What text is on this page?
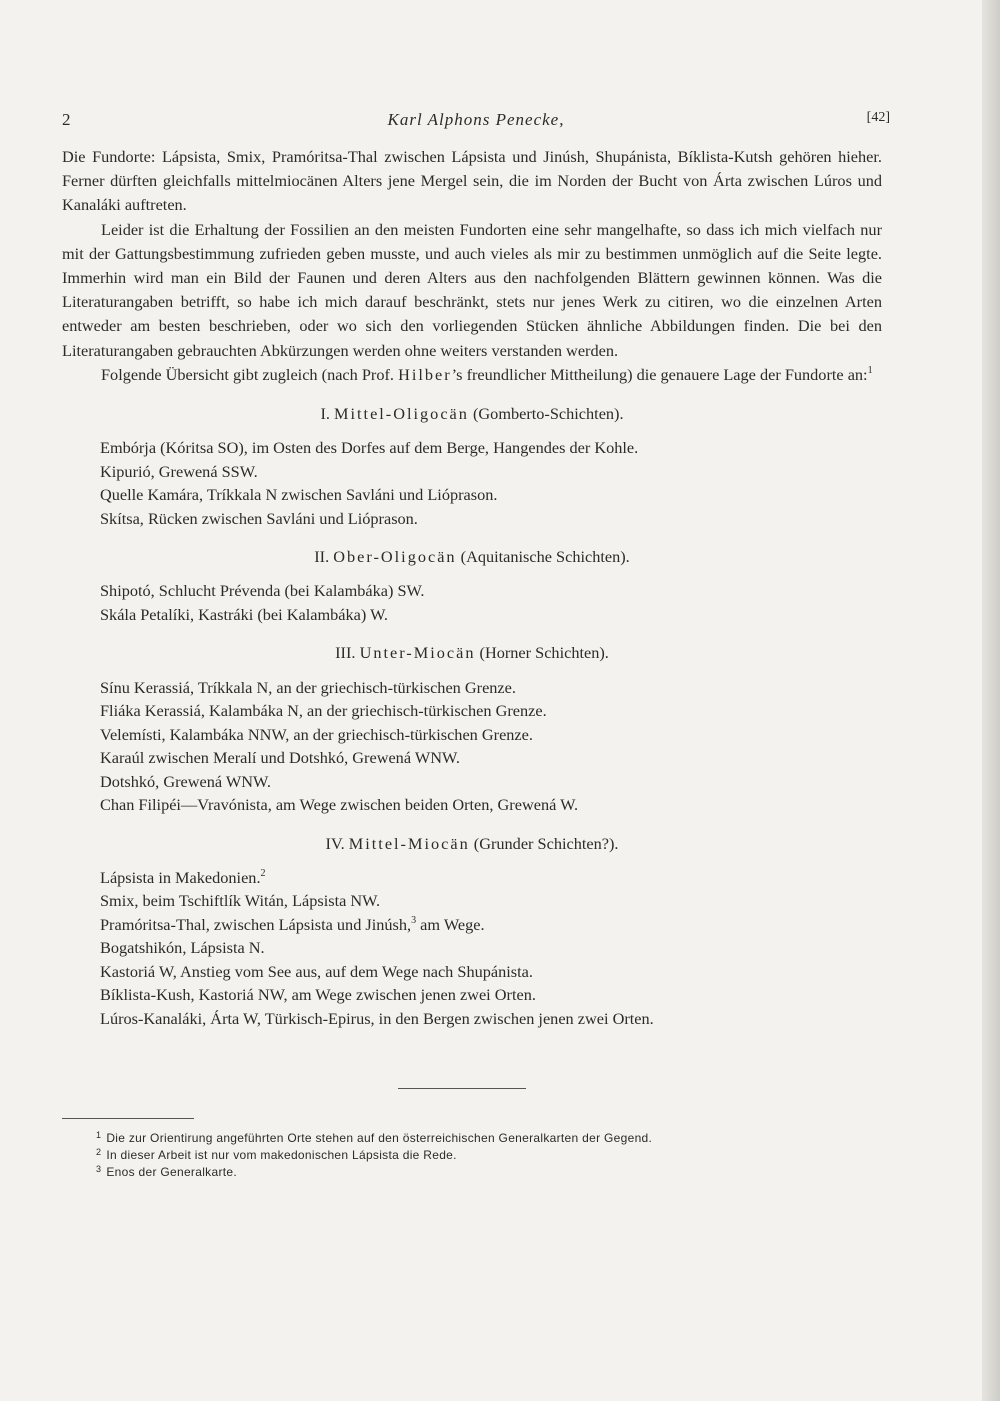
2	Karl Alphons Penecke,	[42]

Die Fundorte: Lápsista, Smix, Pramóritsa-Thal zwischen Lápsista und Jinúsh, Shupánista, Bíklista-Kutsh gehören hieher. Ferner dürften gleichfalls mittelmiocänen Alters jene Mergel sein, die im Norden der Bucht von Árta zwischen Lúros und Kanaláki auftreten.

Leider ist die Erhaltung der Fossilien an den meisten Fundorten eine sehr mangelhafte, so dass ich mich vielfach nur mit der Gattungsbestimmung zufrieden geben musste, und auch vieles als mir zu bestimmen unmöglich auf die Seite legte. Immerhin wird man ein Bild der Faunen und deren Alters aus den nachfolgenden Blättern gewinnen können. Was die Literaturangaben betrifft, so habe ich mich darauf beschränkt, stets nur jenes Werk zu citiren, wo die einzelnen Arten entweder am besten beschrieben, oder wo sich den vorliegenden Stücken ähnliche Abbildungen finden. Die bei den Literaturangaben gebrauchten Abkürzungen werden ohne weiters verstanden werden.

Folgende Übersicht gibt zugleich (nach Prof. Hilber’s freundlicher Mittheilung) die genauere Lage der Fundorte an:$^1$

I. Mittel-Oligocän (Gomberto-Schichten).
Embórja (Kóritsa SO), im Osten des Dorfes auf dem Berge, Hangendes der Kohle.
Kipurió, Grewená SSW.
Quelle Kamára, Tríkkala N zwischen Savláni und Lióprason.
Skítsa, Rücken zwischen Savláni und Lióprason.
II. Ober-Oligocän (Aquitanische Schichten).
Shipotó, Schlucht Prévenda (bei Kalambáka) SW.
Skála Petalíki, Kastráki (bei Kalambáka) W.
III. Unter-Miocän (Horner Schichten).
Sínu Kerassiá, Tríkkala N, an der griechisch-türkischen Grenze.
Fliáka Kerassiá, Kalambáka N, an der griechisch-türkischen Grenze.
Velemísti, Kalambáka NNW, an der griechisch-türkischen Grenze.
Karaúl zwischen Meralí und Dotshkó, Grewená WNW.
Dotshkó, Grewená WNW.
Chan Filipéi—Vravónista, am Wege zwischen beiden Orten, Grewená W.
IV. Mittel-Miocän (Grunder Schichten?).
Lápsista in Makedonien.$^2$
Smix, beim Tschiftlík Witán, Lápsista NW.
Pramóritsa-Thal, zwischen Lápsista und Jinúsh,$^3$ am Wege.
Bogatshikón, Lápsista N.
Kastoriá W, Anstieg vom See aus, auf dem Wege nach Shupánista.
Bíklista-Kush, Kastoriá NW, am Wege zwischen jenen zwei Orten.
Lúros-Kanaláki, Árta W, Türkisch-Epirus, in den Bergen zwischen jenen zwei Orten.
$^1$ Die zur Orientirung angeführten Orte stehen auf den österreichischen Generalkarten der Gegend.
$^2$ In dieser Arbeit ist nur vom makedonischen Lápsista die Rede.
$^3$ Enos der Generalkarte.
